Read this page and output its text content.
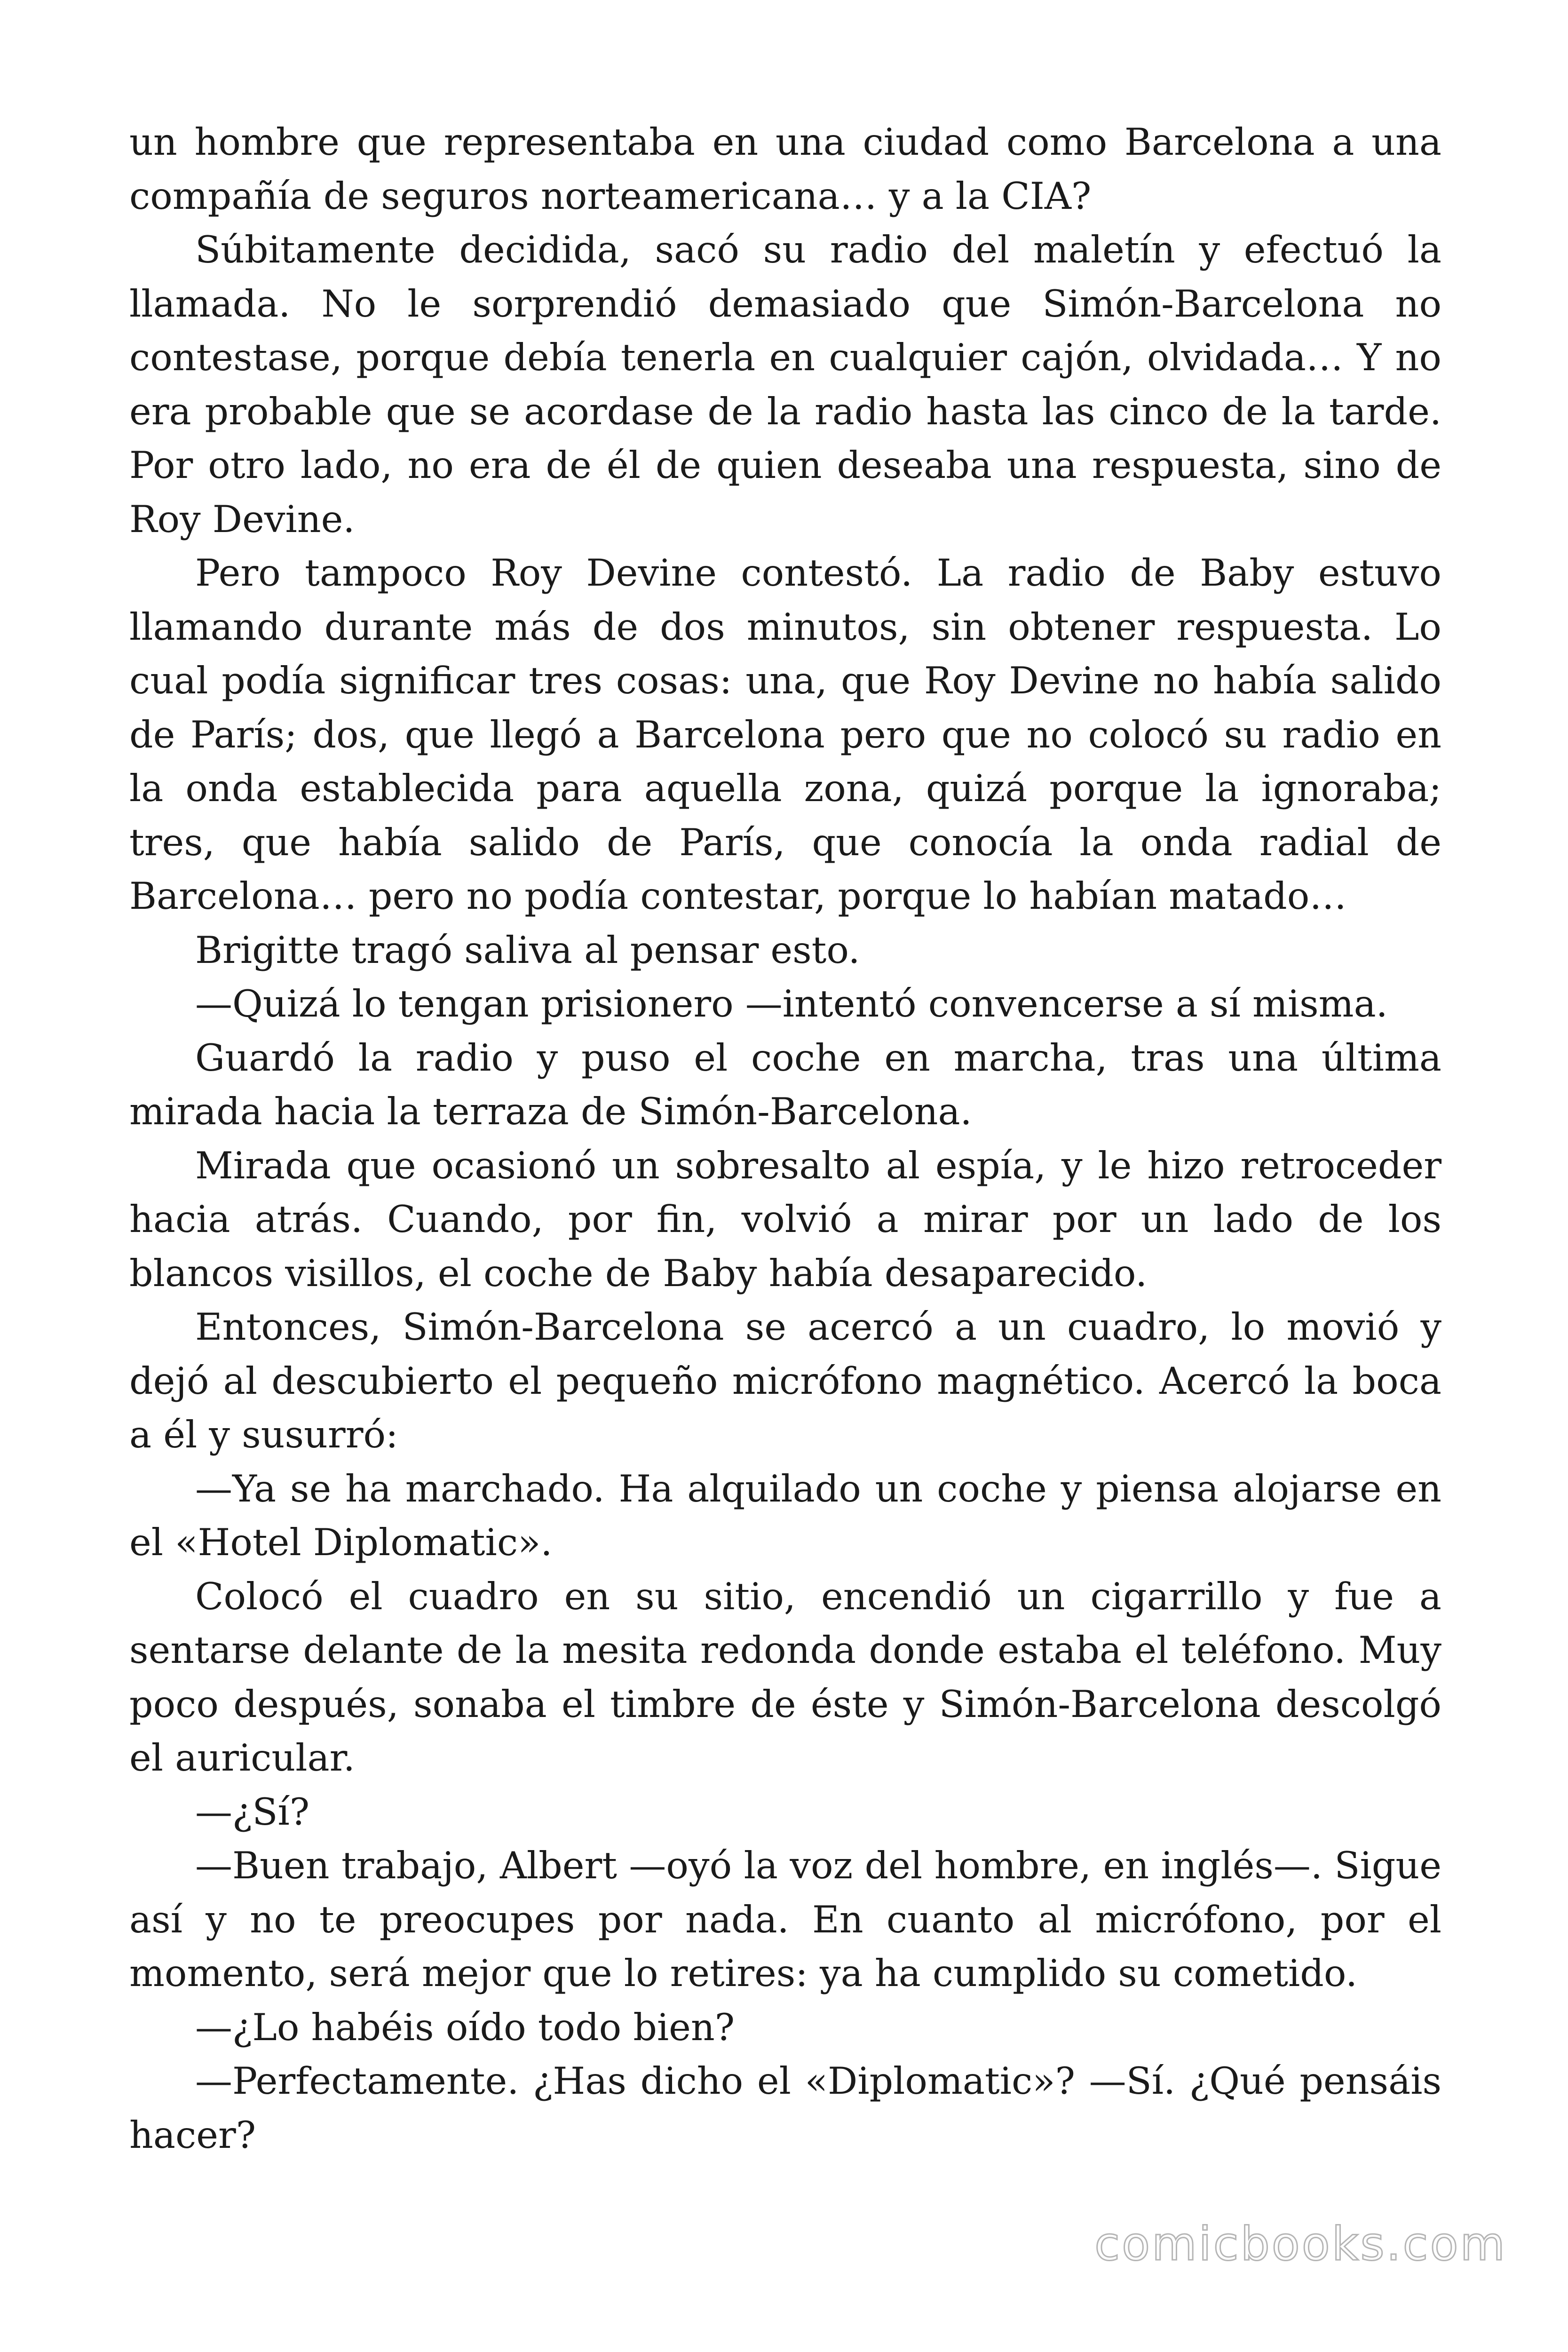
un hombre que representaba en una ciudad como Barcelona a una compañía de seguros norteamericana… y a la CIA?

Súbitamente decidida, sacó su radio del maletín y efectuó la llamada. No le sorprendió demasiado que Simón-Barcelona no contestase, porque debía tenerla en cualquier cajón, olvidada… Y no era probable que se acordase de la radio hasta las cinco de la tarde. Por otro lado, no era de él de quien deseaba una respuesta, sino de Roy Devine.

Pero tampoco Roy Devine contestó. La radio de Baby estuvo llamando durante más de dos minutos, sin obtener respuesta. Lo cual podía significar tres cosas: una, que Roy Devine no había salido de París; dos, que llegó a Barcelona pero que no colocó su radio en la onda establecida para aquella zona, quizá porque la ignoraba; tres, que había salido de París, que conocía la onda radial de Barcelona… pero no podía contestar, porque lo habían matado…

Brigitte tragó saliva al pensar esto.

—Quizá lo tengan prisionero —intentó convencerse a sí misma.

Guardó la radio y puso el coche en marcha, tras una última mirada hacia la terraza de Simón-Barcelona.

Mirada que ocasionó un sobresalto al espía, y le hizo retroceder hacia atrás. Cuando, por fin, volvió a mirar por un lado de los blancos visillos, el coche de Baby había desaparecido.

Entonces, Simón-Barcelona se acercó a un cuadro, lo movió y dejó al descubierto el pequeño micrófono magnético. Acercó la boca a él y susurró:

—Ya se ha marchado. Ha alquilado un coche y piensa alojarse en el «Hotel Diplomatic».

Colocó el cuadro en su sitio, encendió un cigarrillo y fue a sentarse delante de la mesita redonda donde estaba el teléfono. Muy poco después, sonaba el timbre de éste y Simón-Barcelona descolgó el auricular.

—¿Sí?

—Buen trabajo, Albert —oyó la voz del hombre, en inglés—. Sigue así y no te preocupes por nada. En cuanto al micrófono, por el momento, será mejor que lo retires: ya ha cumplido su cometido.

—¿Lo habéis oído todo bien?

—Perfectamente. ¿Has dicho el «Diplomatic»? —Sí. ¿Qué pensáis hacer?

comicbooks.com
